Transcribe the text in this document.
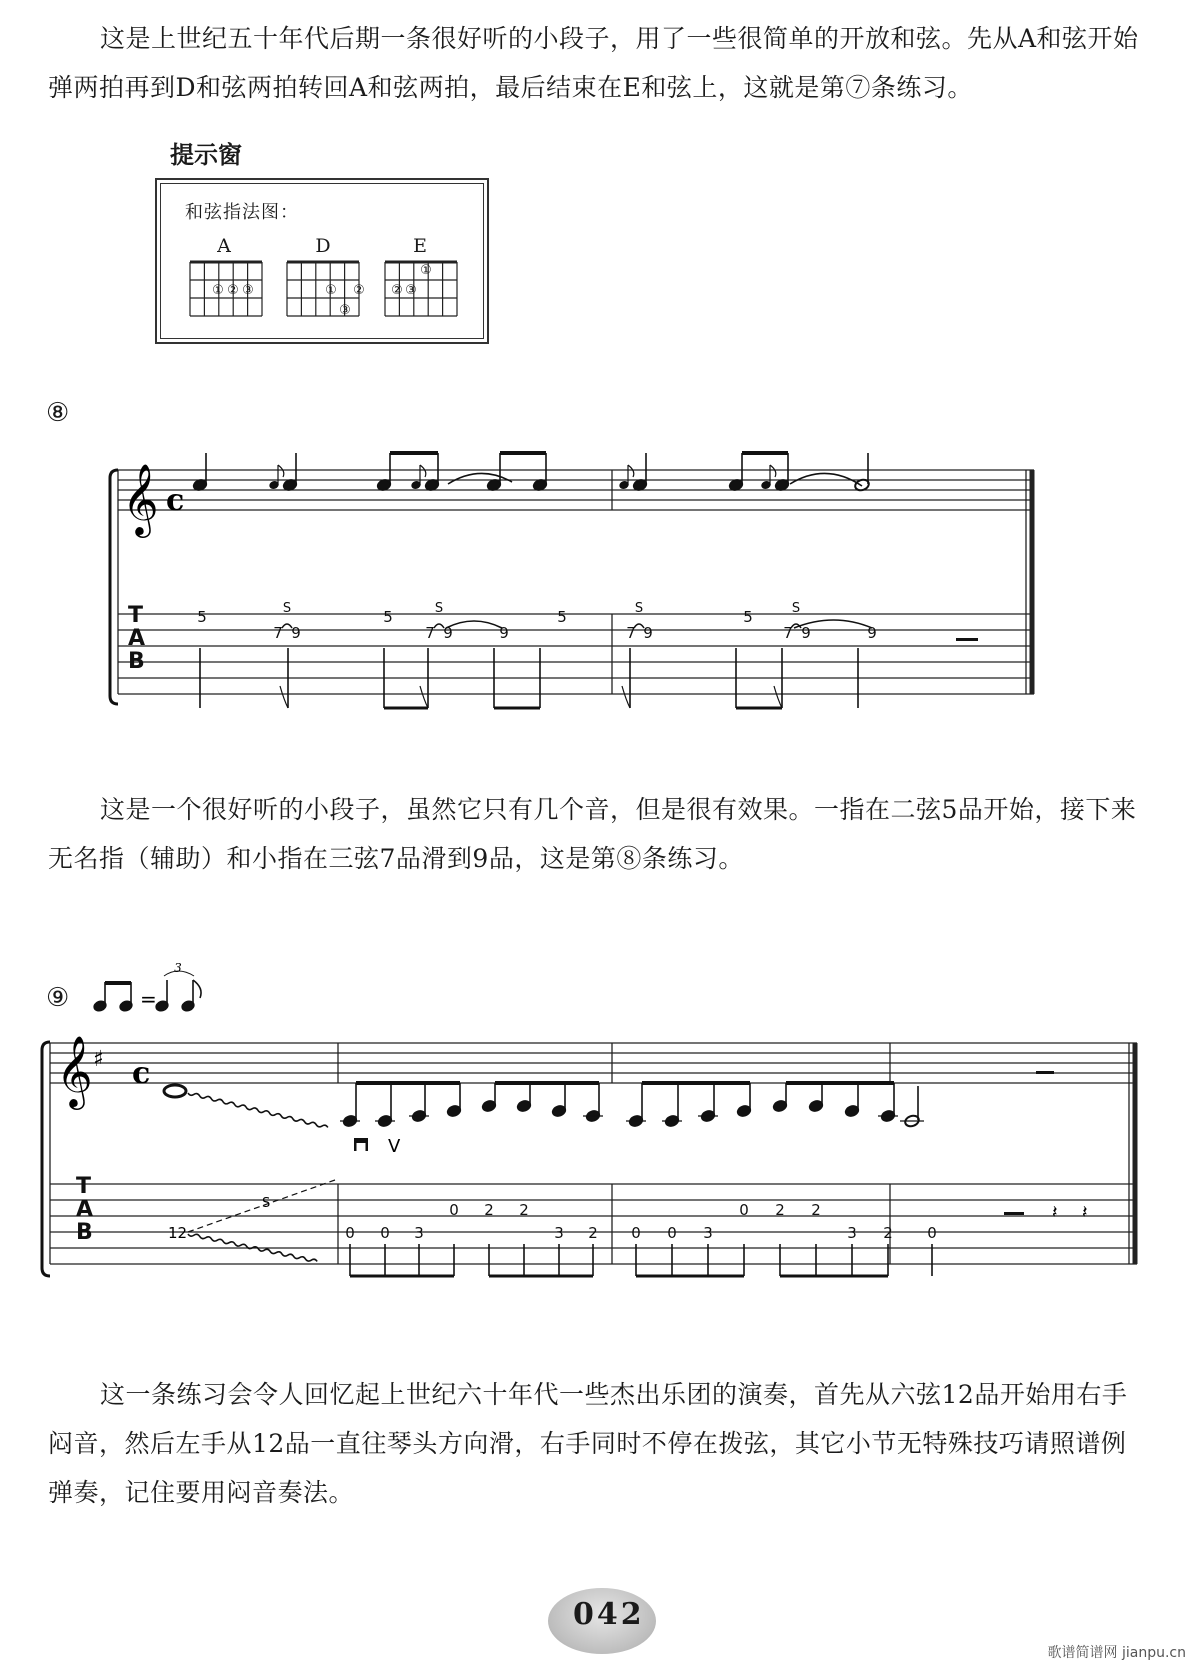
这是上世纪五十年代后期一条很好听的小段子，用了一些很简单的开放和弦。先从A和弦开始弹两拍再到D和弦两拍转回A和弦两拍，最后结束在E和弦上，这就是第⑦条练习。

提示窗
和弦指法图：
A	D	E
① ② ③	① ②
③
①
② ③
⑧
𝄞 c
T
A
B
S	S	S	S
5
7 9
5
7 9	9
5
7 9	9
5
7 9

这是一个很好听的小段子，虽然它只有几个音，但是很有效果。一指在二弦5品开始，接下来无名指（辅助）和小指在三弦7品滑到9品，这是第⑧条练习。

⑨	=
3
𝄞 ♯ c
T
A
B
S
12
V
0 0 3
0 2 2
3 2 0 0 3
0 2 2
3 2 0
𝄽 𝄽

这一条练习会令人回忆起上世纪六十年代一些杰出乐团的演奏，首先从六弦12品开始用右手闷音，然后左手从12品一直往琴头方向滑，右手同时不停在拨弦，其它小节无特殊技巧请照谱例弹奏，记住要用闷音奏法。

042
歌谱简谱网 jianpu.cn
